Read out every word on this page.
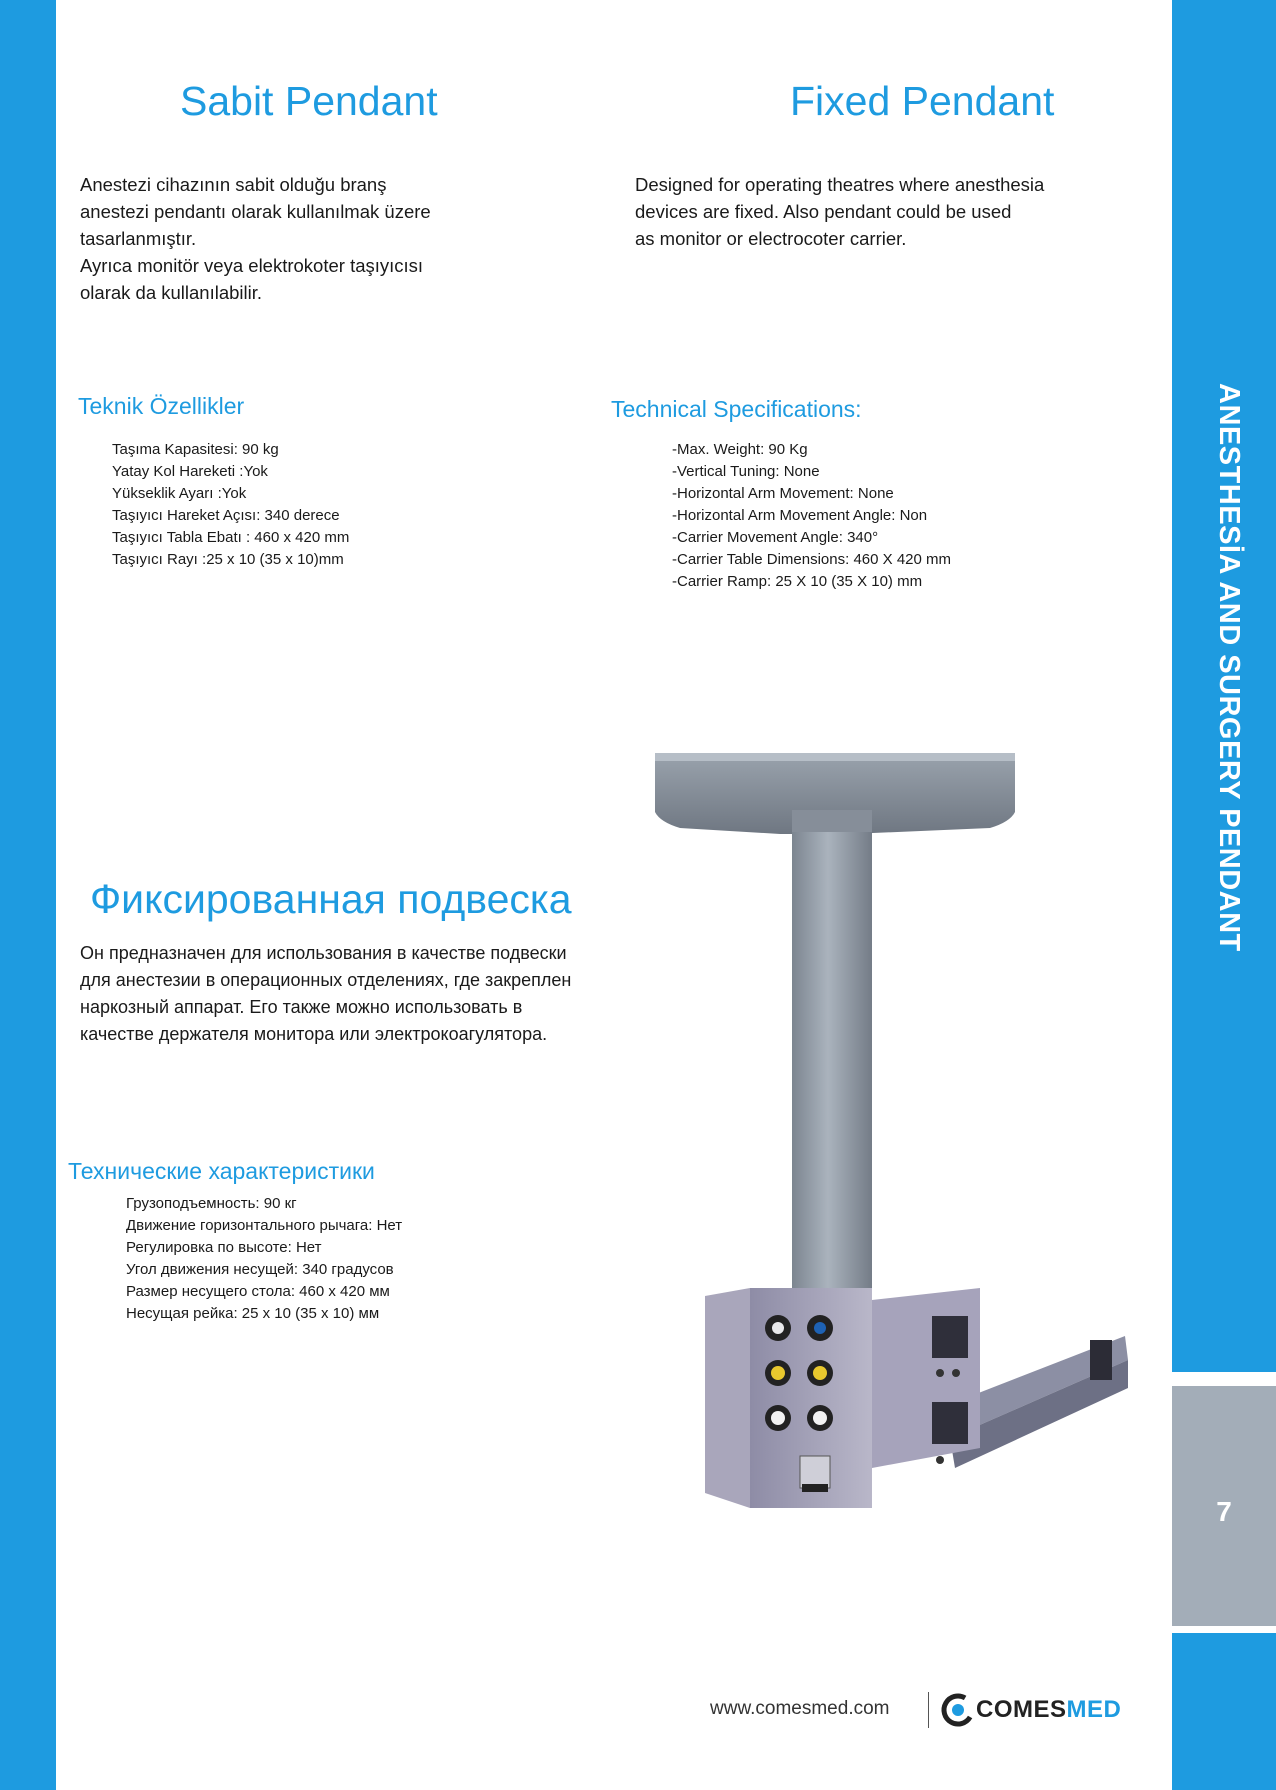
ANESTHESİA AND SURGERY PENDANT
7
Sabit Pendant
Anestezi cihazının sabit olduğu branş
anestezi pendantı olarak kullanılmak üzere
tasarlanmıştır.
Ayrıca monitör veya elektrokoter taşıyıcısı
olarak da kullanılabilir.
Teknik Özellikler
Taşıma Kapasitesi: 90 kg
Yatay Kol Hareketi :Yok
Yükseklik Ayarı :Yok
Taşıyıcı Hareket Açısı: 340 derece
Taşıyıcı Tabla Ebatı : 460 x 420 mm
Taşıyıcı Rayı :25 x 10 (35 x 10)mm
Fixed Pendant
Designed for operating theatres where anesthesia
devices are fixed. Also pendant could be used
as monitor or electrocoter carrier.
Technical Specifications:
-Max. Weight: 90 Kg
-Vertical Tuning: None
-Horizontal Arm Movement: None
-Horizontal Arm Movement Angle: Non
-Carrier Movement Angle: 340°
-Carrier Table Dimensions: 460 X 420 mm
-Carrier Ramp: 25 X 10 (35 X 10) mm
Фиксированная подвеска
Он предназначен для использования в качестве подвески
для анестезии в операционных отделениях, где закреплен
наркозный аппарат. Его также можно использовать в
качестве держателя монитора или электрокоагулятора.
Технические характеристики
Грузоподъемность: 90 кг
Движение горизонтального рычага: Нет
Регулировка по высоте: Нет
Угол движения несущей: 340 градусов
Размер несущего стола: 460 x 420 мм
Несущая рейка: 25 x 10 (35 x 10) мм
www.comesmed.com	COMESMED
